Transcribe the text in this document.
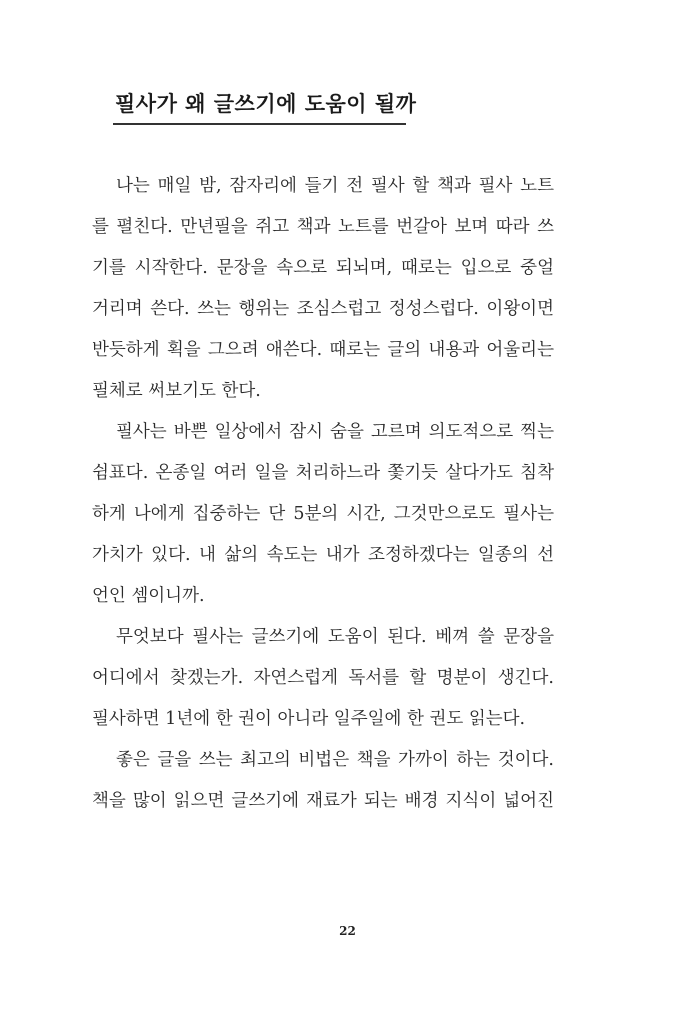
필사가 왜 글쓰기에 도움이 될까
나는 매일 밤, 잠자리에 들기 전 필사 할 책과 필사 노트
를 펼친다. 만년필을 쥐고 책과 노트를 번갈아 보며 따라 쓰
기를 시작한다. 문장을 속으로 되뇌며, 때로는 입으로 중얼
거리며 쓴다. 쓰는 행위는 조심스럽고 정성스럽다. 이왕이면
반듯하게 획을 그으려 애쓴다. 때로는 글의 내용과 어울리는
필체로 써보기도 한다.
필사는 바쁜 일상에서 잠시 숨을 고르며 의도적으로 찍는
쉼표다. 온종일 여러 일을 처리하느라 쫓기듯 살다가도 침착
하게 나에게 집중하는 단 5분의 시간, 그것만으로도 필사는
가치가 있다. 내 삶의 속도는 내가 조정하겠다는 일종의 선
언인 셈이니까.
무엇보다 필사는 글쓰기에 도움이 된다. 베껴 쓸 문장을
어디에서 찾겠는가. 자연스럽게 독서를 할 명분이 생긴다.
필사하면 1년에 한 권이 아니라 일주일에 한 권도 읽는다.
좋은 글을 쓰는 최고의 비법은 책을 가까이 하는 것이다.
책을 많이 읽으면 글쓰기에 재료가 되는 배경 지식이 넓어진
22
